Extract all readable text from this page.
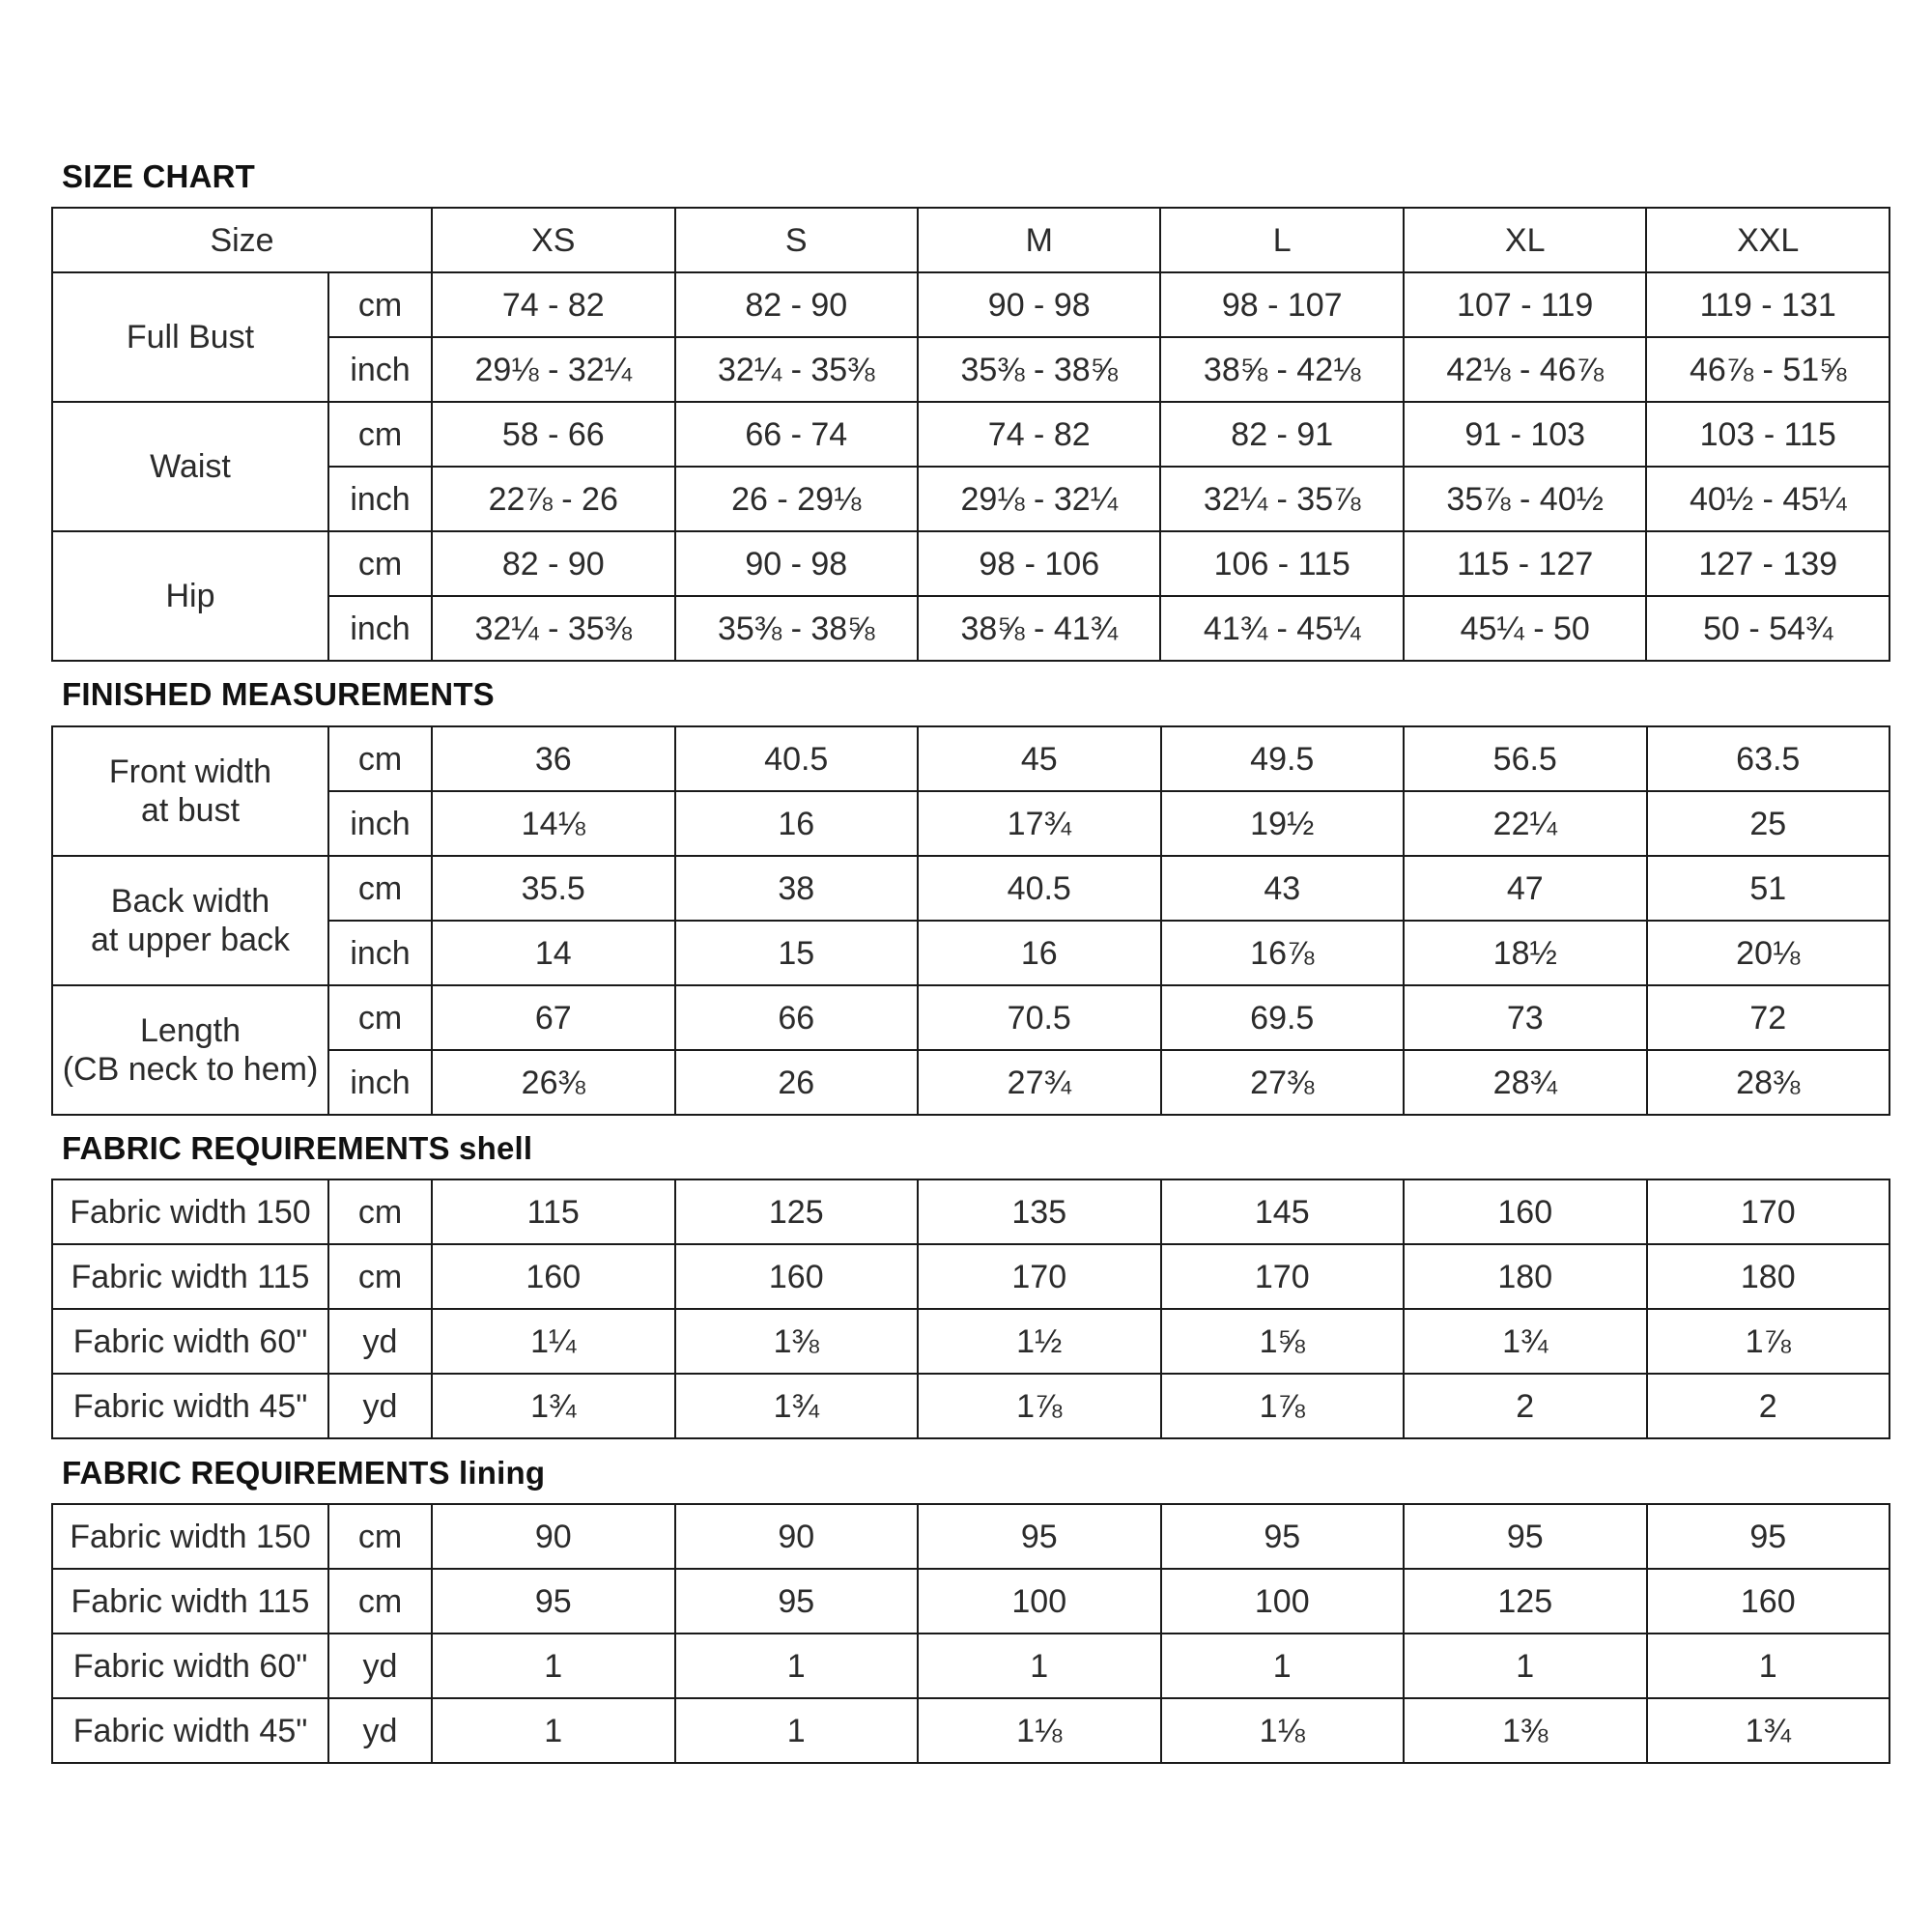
SIZE CHART
Size		XS	S	M	L	XL	XXL
Full Bust	cm	74 - 82	82 - 90	90 - 98	98 - 107	107 - 119	119 - 131
	inch	29⅛ - 32¼	32¼ - 35⅜	35⅜ - 38⅝	38⅝ - 42⅛	42⅛ - 46⅞	46⅞ - 51⅝
Waist	cm	58 - 66	66 - 74	74 - 82	82 - 91	91 - 103	103 - 115
	inch	22⅞ - 26	26 - 29⅛	29⅛ - 32¼	32¼ - 35⅞	35⅞ - 40½	40½ - 45¼
Hip	cm	82 - 90	90 - 98	98 - 106	106 - 115	115 - 127	127 - 139
	inch	32¼ - 35⅜	35⅜ - 38⅝	38⅝ - 41¾	41¾ - 45¼	45¼ - 50	50 - 54¾
FINISHED MEASUREMENTS
Front width
at bust	cm	36	40.5	45	49.5	56.5	63.5
	inch	14⅛	16	17¾	19½	22¼	25

Back width
at upper back	cm	35.5	38	40.5	43	47	51
	inch	14	15	16	16⅞	18½	20⅛

Length
(CB neck to hem)	cm	67	66	70.5	69.5	73	72
	inch	26⅜	26	27¾	27⅜	28¾	28⅜
FABRIC REQUIREMENTS shell
Fabric width 150	cm	115	125	135	145	160	170
Fabric width 115	cm	160	160	170	170	180	180
Fabric width 60"	yd	1¼	1⅜	1½	1⅝	1¾	1⅞
Fabric width 45"	yd	1¾	1¾	1⅞	1⅞	2	2
FABRIC REQUIREMENTS lining
Fabric width 150	cm	90	90	95	95	95	95
Fabric width 115	cm	95	95	100	100	125	160
Fabric width 60"	yd	1	1	1	1	1	1
Fabric width 45"	yd	1	1	1⅛	1⅛	1⅜	1¾
